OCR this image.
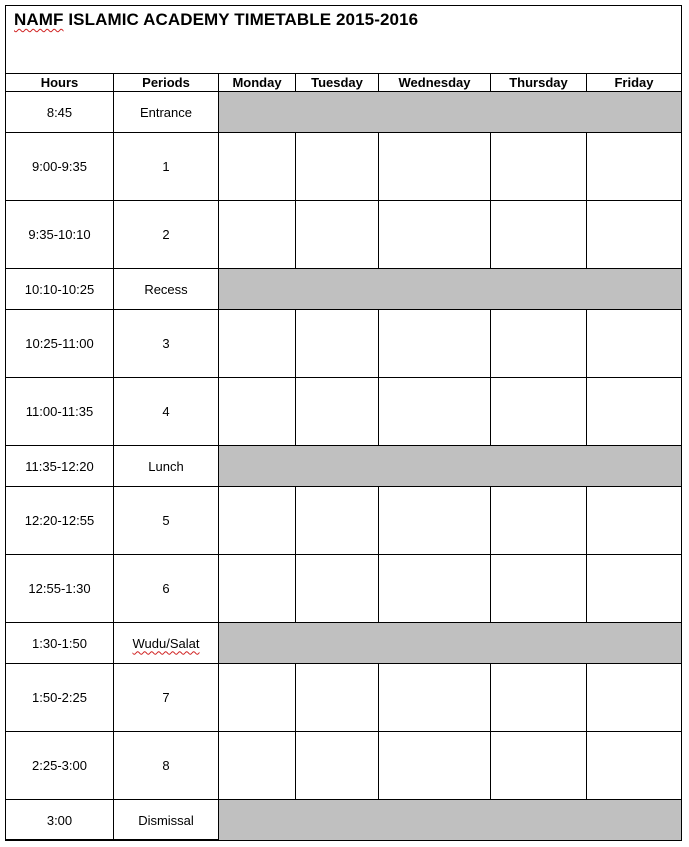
NAMF ISLAMIC ACADEMY TIMETABLE 2015-2016
Hours	Periods	Monday	Tuesday	Wednesday	Thursday	Friday
8:45	Entrance					
9:00-9:35	1					
9:35-10:10	2					
10:10-10:25	Recess					
10:25-11:00	3					
11:00-11:35	4					
11:35-12:20	Lunch					
12:20-12:55	5					
12:55-1:30	6					
1:30-1:50	Wudu/Salat					
1:50-2:25	7					
2:25-3:00	8					
3:00	Dismissal					
